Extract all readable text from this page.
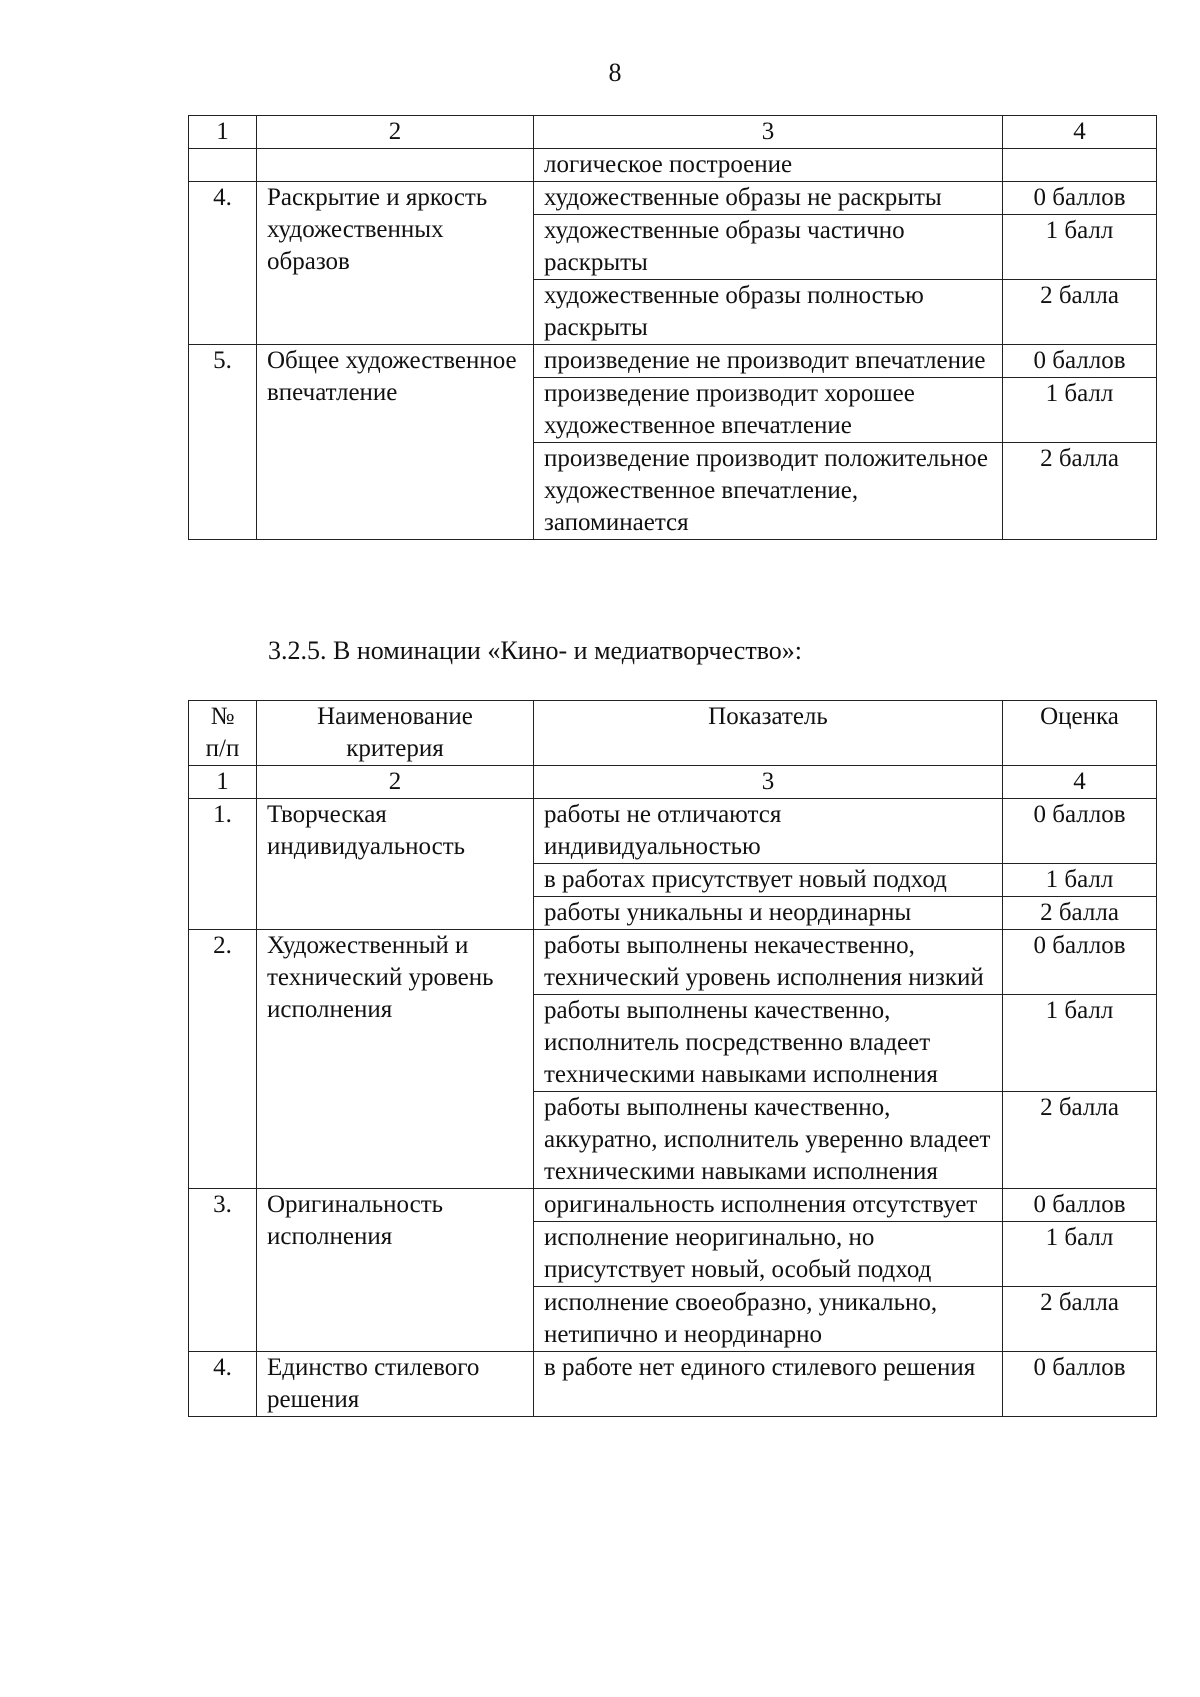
8
1	2	3	4
		логическое построение	
4.	Раскрытие и яркость художественных образов	художественные образы не раскрыты	0 баллов
		художественные образы частично раскрыты	1 балл
		художественные образы полностью раскрыты	2 балла
5.	Общее художественное впечатление	произведение не производит впечатление	0 баллов
		произведение производит хорошее художественное впечатление	1 балл
		произведение производит положительное художественное впечатление, запоминается	2 балла
3.2.5. В номинации «Кино- и медиатворчество»:
№ п/п	Наименование критерия	Показатель	Оценка
1	2	3	4
1.	Творческая индивидуальность	работы не отличаются индивидуальностью	0 баллов
		в работах присутствует новый подход	1 балл
		работы уникальны и неординарны	2 балла
2.	Художественный и технический уровень исполнения	работы выполнены некачественно, технический уровень исполнения низкий	0 баллов
		работы выполнены качественно, исполнитель посредственно владеет техническими навыками исполнения	1 балл
		работы выполнены качественно, аккуратно, исполнитель уверенно владеет техническими навыками исполнения	2 балла
3.	Оригинальность исполнения	оригинальность исполнения отсутствует	0 баллов
		исполнение неоригинально, но присутствует новый, особый подход	1 балл
		исполнение своеобразно, уникально, нетипично и неординарно	2 балла
4.	Единство стилевого решения	в работе нет единого стилевого решения	0 баллов
